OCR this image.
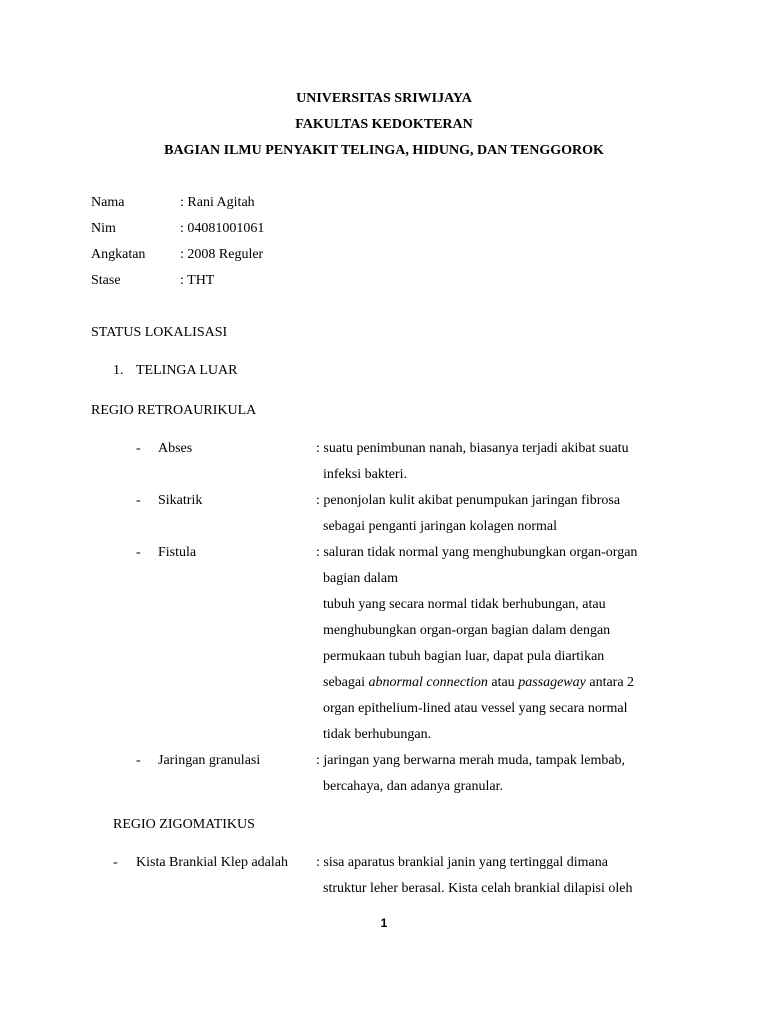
UNIVERSITAS SRIWIJAYA
FAKULTAS KEDOKTERAN
BAGIAN ILMU PENYAKIT TELINGA, HIDUNG, DAN TENGGOROK
Nama	: Rani Agitah
Nim	: 04081001061
Angkatan : 2008 Reguler
Stase	: THT
STATUS LOKALISASI
1. TELINGA LUAR
REGIO RETROAURIKULA
- Abses	: suatu penimbunan nanah, biasanya terjadi akibat suatu
infeksi bakteri.
- Sikatrik	: penonjolan kulit akibat penumpukan jaringan fibrosa
sebagai penganti jaringan kolagen normal
- Fistula	: saluran tidak normal yang menghubungkan organ-organ
bagian dalam
tubuh yang secara normal tidak berhubungan, atau
menghubungkan organ-organ bagian dalam dengan
permukaan tubuh bagian luar, dapat pula diartikan
sebagai abnormal connection atau passageway antara 2
organ epithelium-lined atau vessel yang secara normal
tidak berhubungan.
- Jaringan granulasi	: jaringan yang berwarna merah muda, tampak lembab,
bercahaya, dan adanya granular.
REGIO ZIGOMATIKUS
- Kista Brankial Klep adalah : sisa aparatus brankial janin yang tertinggal dimana
struktur leher berasal. Kista celah brankial dilapisi oleh
1
